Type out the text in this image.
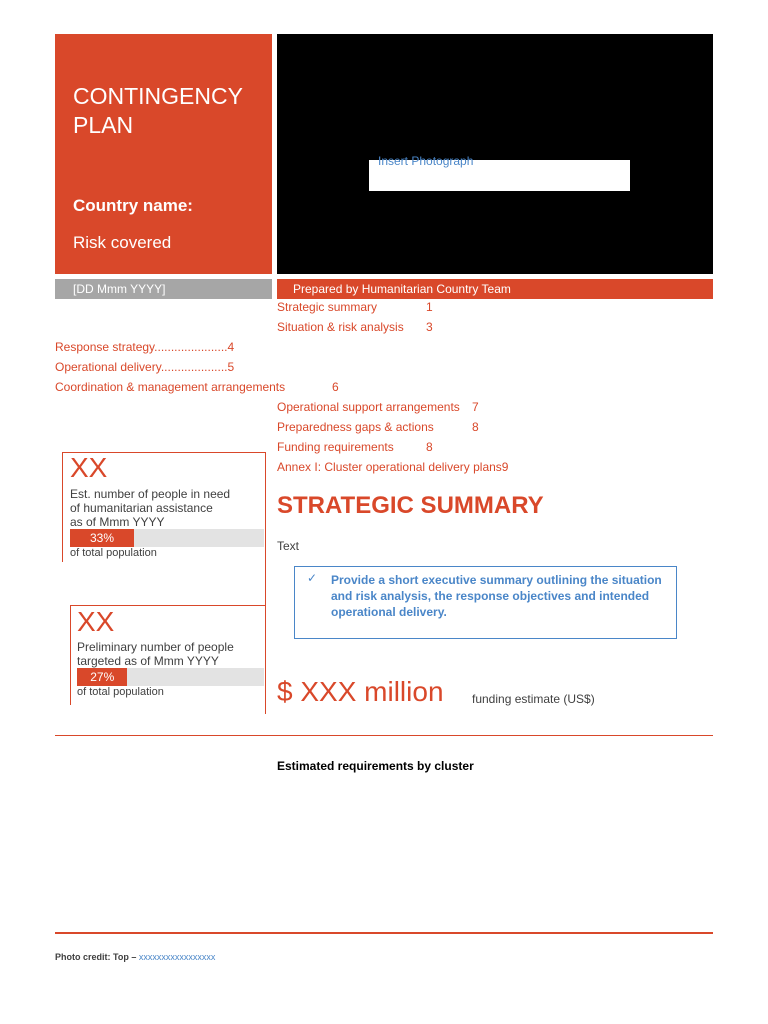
CONTINGENCY PLAN
Country name:
Risk covered
Insert Photograph
[DD Mmm YYYY]	Prepared by Humanitarian Country Team
Strategic summary	1
Situation & risk analysis 3
Response strategy......................4
Operational delivery....................5
Coordination & management arrangements	6
Operational support arrangements 7
Preparedness gaps & actions	8
Funding requirements	8
Annex I: Cluster operational delivery plans9
XX
Est. number of people in need
of humanitarian assistance
as of Mmm YYYY
33%
of total population
XX
Preliminary number of people
targeted as of Mmm YYYY
27%
of total population
STRATEGIC SUMMARY
Text
✓ Provide a short executive summary outlining the situation and risk analysis, the response objectives and intended operational delivery.
$ XXX million funding estimate (US$)
Estimated requirements by cluster
Photo credit: Top – xxxxxxxxxxxxxxxxx
